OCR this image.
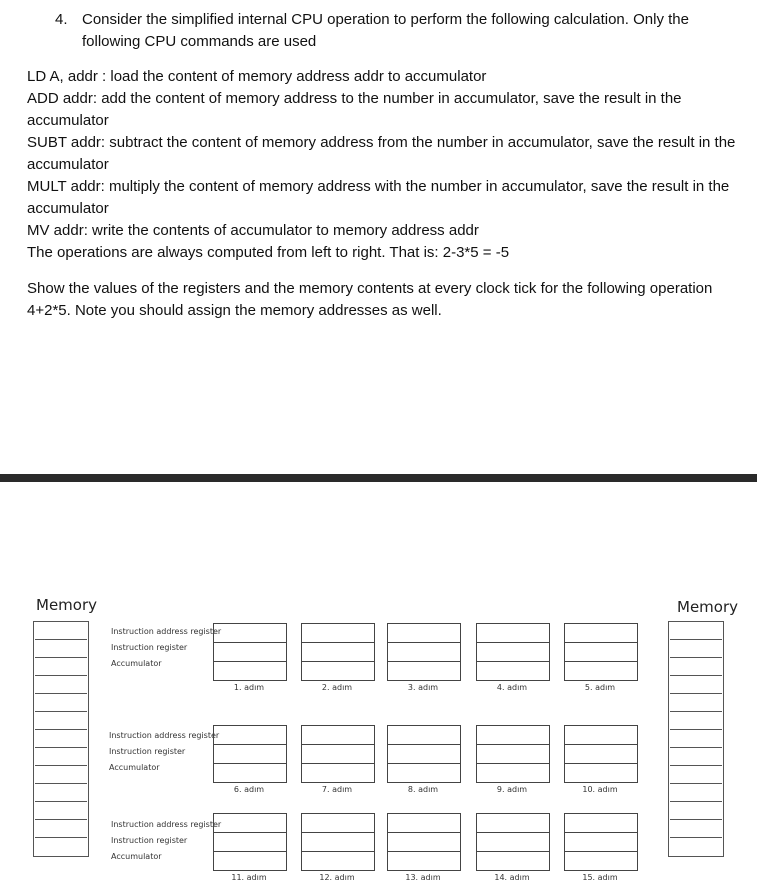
4. Consider the simplified internal CPU operation to perform the following calculation. Only the following CPU commands are used

LD A, addr : load the content of memory address addr to accumulator

ADD addr: add the content of memory address to the number in accumulator, save the result in the accumulator

SUBT addr: subtract the content of memory address from the number in accumulator, save the result in the accumulator

MULT addr: multiply the content of memory address with the number in accumulator, save the result in the accumulator

MV addr: write the contents of accumulator to memory address addr

The operations are always computed from left to right. That is: 2-3*5 = -5

Show the values of the registers and the memory contents at every clock tick for the following operation 4+2*5. Note you should assign the memory addresses as well.

Memory	Memory
Instruction address register
Instruction register
Accumulator
Instruction address register
Instruction register
Accumulator
Instruction address register
Instruction register
Accumulator
1. adım	2. adım	3. adım	4. adım	5. adım
6. adım	7. adım	8. adım	9. adım	10. adım
11. adım	12. adım	13. adım	14. adım	15. adım
